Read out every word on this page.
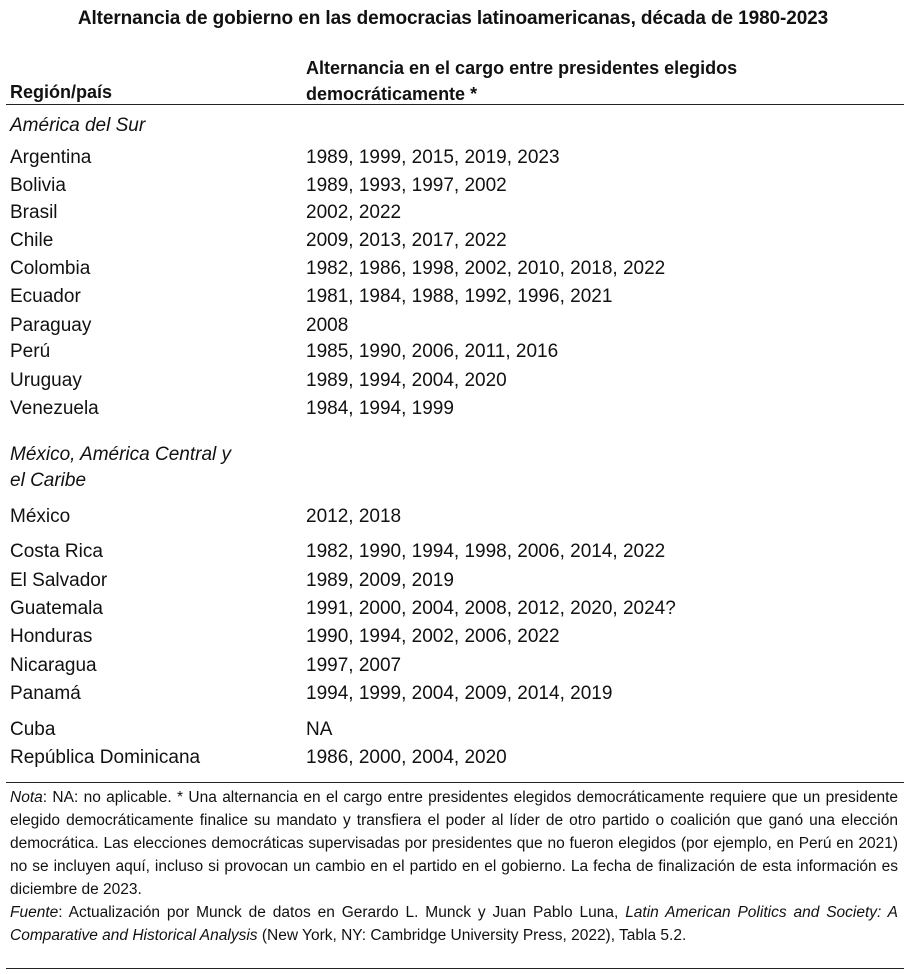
Alternancia de gobierno en las democracias latinoamericanas, década de 1980-2023
Región/país
Alternancia en el cargo entre presidentes elegidos democráticamente *
América del Sur
Argentina	1989, 1999, 2015, 2019, 2023
Bolivia	1989, 1993, 1997, 2002
Brasil	2002, 2022
Chile	2009, 2013, 2017, 2022
Colombia	1982, 1986, 1998, 2002, 2010, 2018, 2022
Ecuador	1981, 1984, 1988, 1992, 1996, 2021
Paraguay	2008
Perú	1985, 1990, 2006, 2011, 2016
Uruguay	1989, 1994, 2004, 2020
Venezuela	1984, 1994, 1999
México, América Central y
el Caribe
México	2012, 2018
Costa Rica	1982, 1990, 1994, 1998, 2006, 2014, 2022
El Salvador	1989, 2009, 2019
Guatemala	1991, 2000, 2004, 2008, 2012, 2020, 2024?
Honduras	1990, 1994, 2002, 2006, 2022
Nicaragua	1997, 2007
Panamá	1994, 1999, 2004, 2009, 2014, 2019
Cuba	NA
República Dominicana	1986, 2000, 2004, 2020

Nota: NA: no aplicable. * Una alternancia en el cargo entre presidentes elegidos democráticamente requiere que un presidente elegido democráticamente finalice su mandato y transfiera el poder al líder de otro partido o coalición que ganó una elección democrática. Las elecciones democráticas supervisadas por presidentes que no fueron elegidos (por ejemplo, en Perú en 2021) no se incluyen aquí, incluso si provocan un cambio en el partido en el gobierno. La fecha de finalización de esta información es diciembre de 2023.

Fuente: Actualización por Munck de datos en Gerardo L. Munck y Juan Pablo Luna, Latin American Politics and Society: A Comparative and Historical Analysis (New York, NY: Cambridge University Press, 2022), Tabla 5.2.
